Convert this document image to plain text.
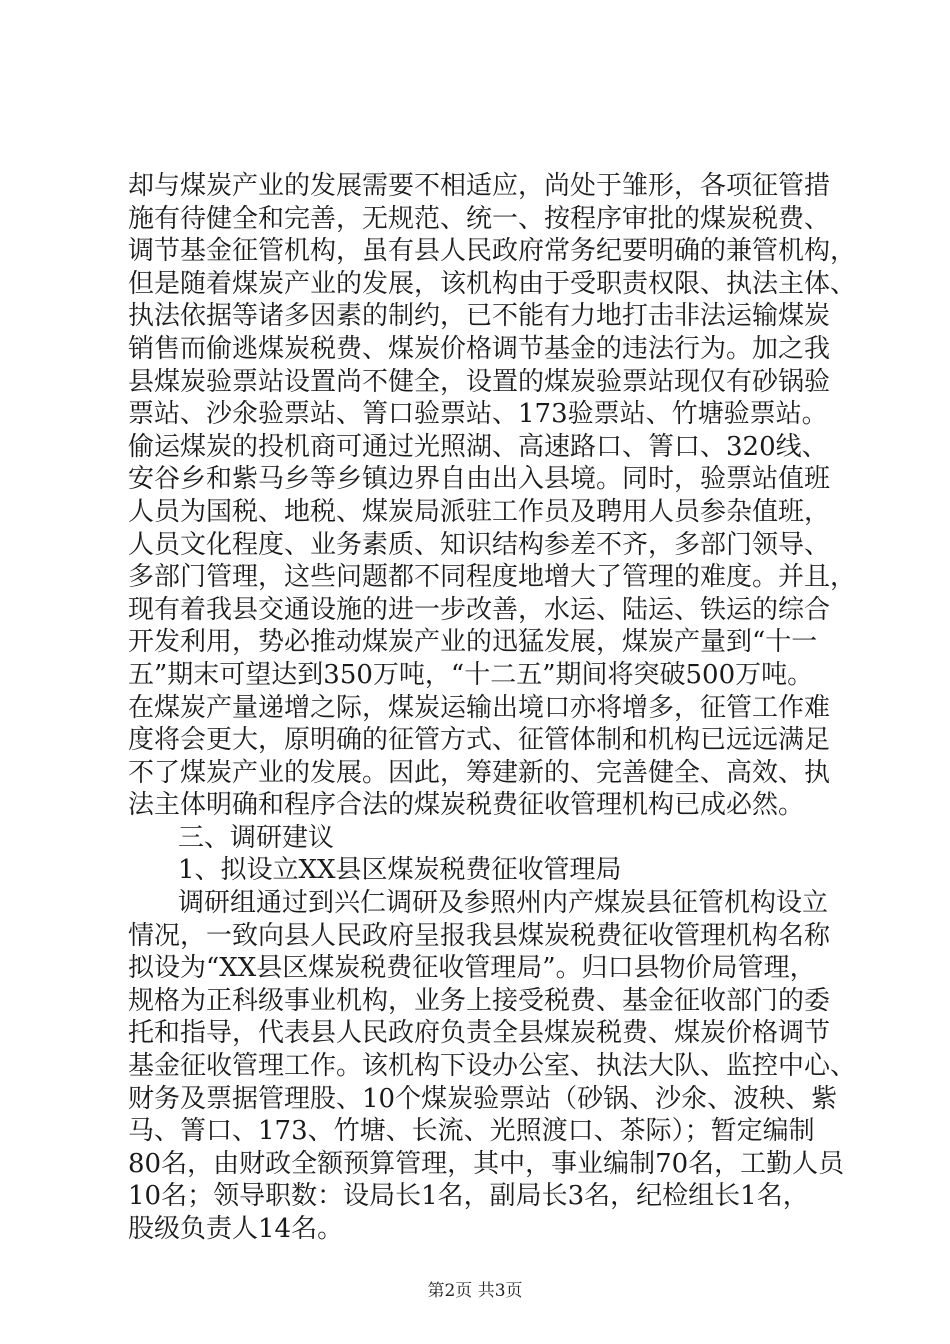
却与煤炭产业的发展需要不相适应，尚处于雏形，各项征管措
施有待健全和完善，无规范、统一、按程序审批的煤炭税费、
调节基金征管机构，虽有县人民政府常务纪要明确的兼管机构，
但是随着煤炭产业的发展，该机构由于受职责权限、执法主体、
执法依据等诸多因素的制约，已不能有力地打击非法运输煤炭
销售而偷逃煤炭税费、煤炭价格调节基金的违法行为。加之我
县煤炭验票站设置尚不健全，设置的煤炭验票站现仅有砂锅验
票站、沙氽验票站、箐口验票站、173验票站、竹塘验票站。
偷运煤炭的投机商可通过光照湖、高速路口、箐口、320线、
安谷乡和紫马乡等乡镇边界自由出入县境。同时，验票站值班
人员为国税、地税、煤炭局派驻工作员及聘用人员参杂值班，
人员文化程度、业务素质、知识结构参差不齐，多部门领导、
多部门管理，这些问题都不同程度地增大了管理的难度。并且，
现有着我县交通设施的进一步改善，水运、陆运、铁运的综合
开发利用，势必推动煤炭产业的迅猛发展，煤炭产量到“十一
五”期末可望达到350万吨，“十二五”期间将突破500万吨。
在煤炭产量递增之际，煤炭运输出境口亦将增多，征管工作难
度将会更大，原明确的征管方式、征管体制和机构已远远满足
不了煤炭产业的发展。因此，筹建新的、完善健全、高效、执
法主体明确和程序合法的煤炭税费征收管理机构已成必然。
三、调研建议
1、拟设立XX县区煤炭税费征收管理局
调研组通过到兴仁调研及参照州内产煤炭县征管机构设立
情况，一致向县人民政府呈报我县煤炭税费征收管理机构名称
拟设为“XX县区煤炭税费征收管理局”。归口县物价局管理，
规格为正科级事业机构，业务上接受税费、基金征收部门的委
托和指导，代表县人民政府负责全县煤炭税费、煤炭价格调节
基金征收管理工作。该机构下设办公室、执法大队、监控中心、
财务及票据管理股、10个煤炭验票站（砂锅、沙氽、波秧、紫
马、箐口、173、竹塘、长流、光照渡口、茶际）；暂定编制
80名，由财政全额预算管理，其中，事业编制70名，工勤人员
10名；领导职数：设局长1名，副局长3名，纪检组长1名，
股级负责人14名。
第2页 共3页
